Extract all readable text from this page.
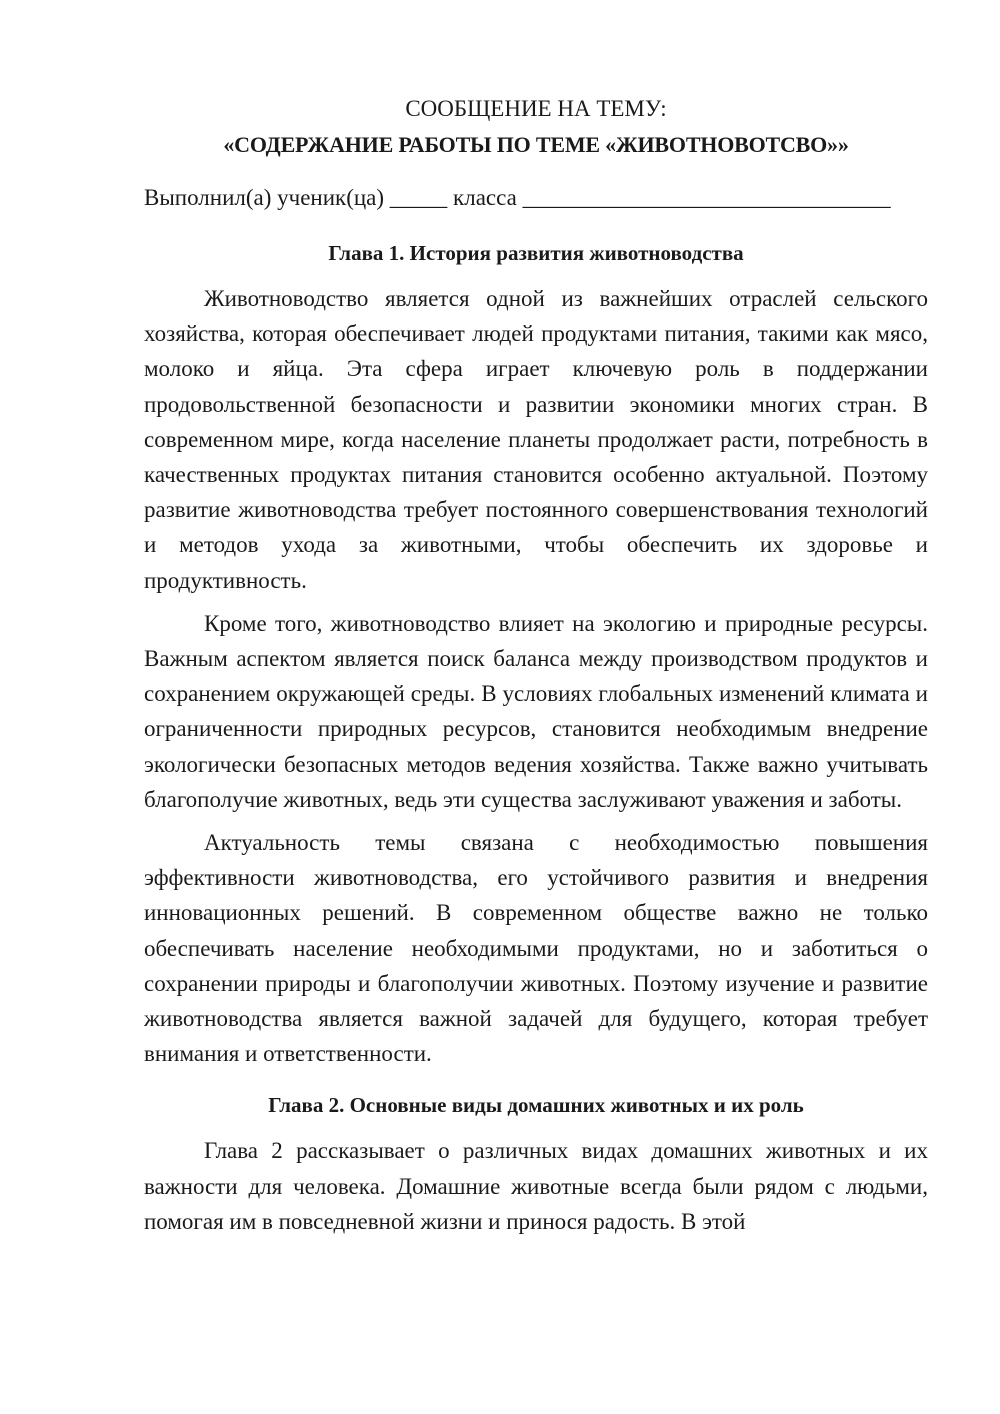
СООБЩЕНИЕ НА ТЕМУ:
«СОДЕРЖАНИЕ РАБОТЫ ПО ТЕМЕ «ЖИВОТНОВОТСВО»»
Выполнил(а) ученик(ца) _____ класса ________________________________
Глава 1. История развития животноводства

Животноводство является одной из важнейших отраслей сельского хозяйства, которая обеспечивает людей продуктами питания, такими как мясо, молоко и яйца. Эта сфера играет ключевую роль в поддержании продовольственной безопасности и развитии экономики многих стран. В современном мире, когда население планеты продолжает расти, потребность в качественных продуктах питания становится особенно актуальной. Поэтому развитие животноводства требует постоянного совершенствования технологий и методов ухода за животными, чтобы обеспечить их здоровье и продуктивность.

Кроме того, животноводство влияет на экологию и природные ресурсы. Важным аспектом является поиск баланса между производством продуктов и сохранением окружающей среды. В условиях глобальных изменений климата и ограниченности природных ресурсов, становится необходимым внедрение экологически безопасных методов ведения хозяйства. Также важно учитывать благополучие животных, ведь эти существа заслуживают уважения и заботы.

Актуальность темы связана с необходимостью повышения эффективности животноводства, его устойчивого развития и внедрения инновационных решений. В современном обществе важно не только обеспечивать население необходимыми продуктами, но и заботиться о сохранении природы и благополучии животных. Поэтому изучение и развитие животноводства является важной задачей для будущего, которая требует внимания и ответственности.

Глава 2. Основные виды домашних животных и их роль

Глава 2 рассказывает о различных видах домашних животных и их важности для человека. Домашние животные всегда были рядом с людьми, помогая им в повседневной жизни и принося радость. В этой
